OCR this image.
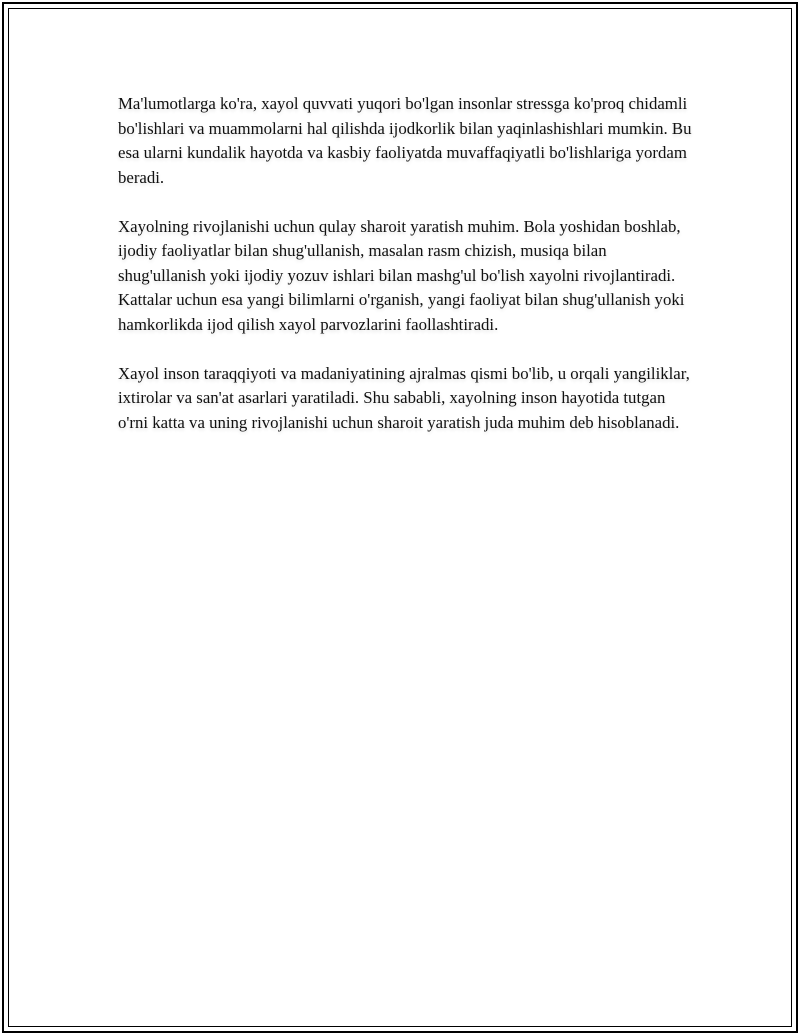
Ma'lumotlarga ko'ra, xayol quvvati yuqori bo'lgan insonlar stressga ko'proq chidamli bo'lishlari va muammolarni hal qilishda ijodkorlik bilan yaqinlashishlari mumkin. Bu esa ularni kundalik hayotda va kasbiy faoliyatda muvaffaqiyatli bo'lishlariga yordam beradi.

Xayolning rivojlanishi uchun qulay sharoit yaratish muhim. Bola yoshidan boshlab, ijodiy faoliyatlar bilan shug'ullanish, masalan rasm chizish, musiqa bilan shug'ullanish yoki ijodiy yozuv ishlari bilan mashg'ul bo'lish xayolni rivojlantiradi. Kattalar uchun esa yangi bilimlarni o'rganish, yangi faoliyat bilan shug'ullanish yoki hamkorlikda ijod qilish xayol parvozlarini faollashtiradi.

Xayol inson taraqqiyoti va madaniyatining ajralmas qismi bo'lib, u orqali yangiliklar, ixtirolar va san'at asarlari yaratiladi. Shu sababli, xayolning inson hayotida tutgan o'rni katta va uning rivojlanishi uchun sharoit yaratish juda muhim deb hisoblanadi.
